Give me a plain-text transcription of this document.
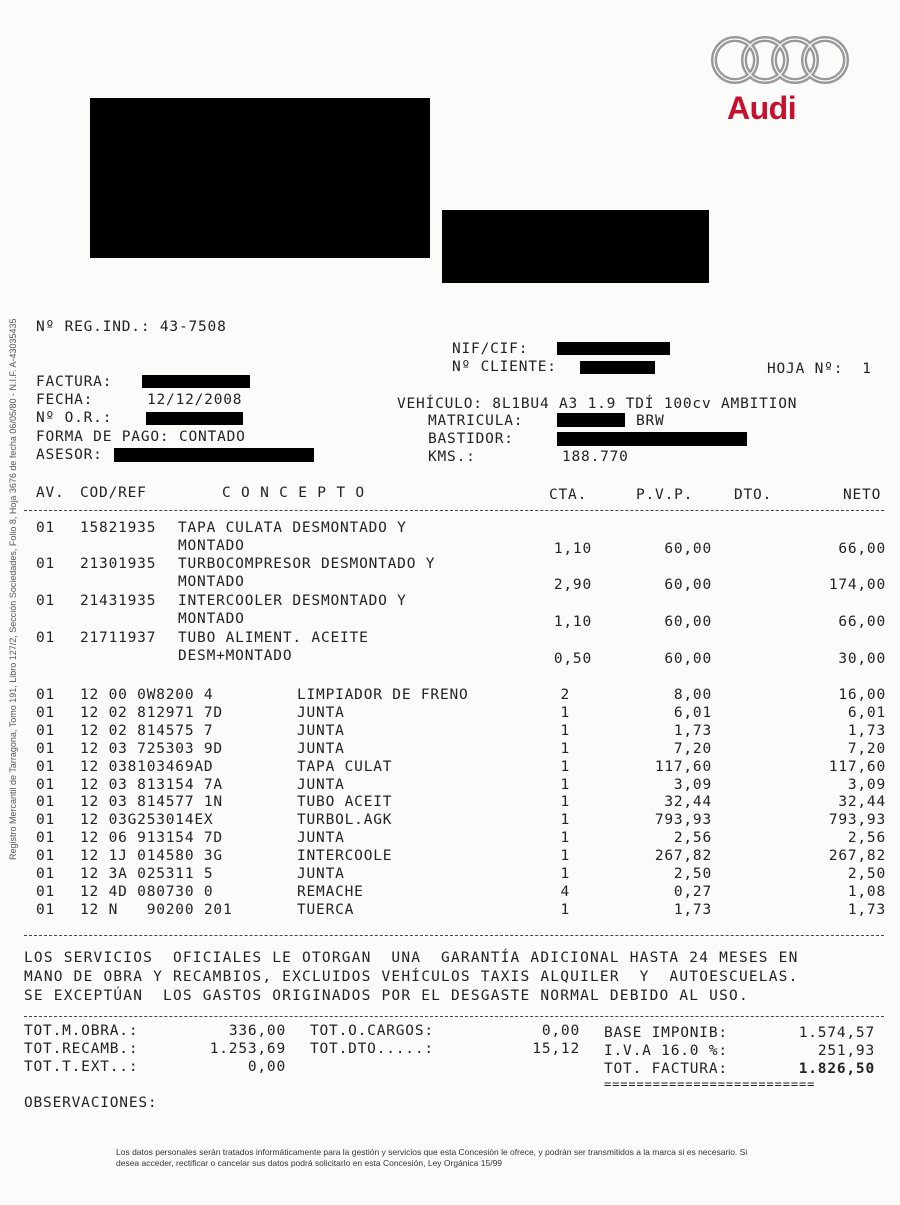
Audi
Registro Mercantil de Tarragona, Tomo 191, Libro 127/2, Sección Sociedades, Folio 8, Hoja 3676 de fecha 06/05/80 - N.I.F. A-43035435 Nº REG.IND.: 43-7508
NIF/CIF:
Nº CLIENTE:	HOJA Nº:  1
FACTURA:
FECHA:	12/12/2008
Nº O.R.:
FORMA DE PAGO: CONTADO
ASESOR:
VEHÍCULO: 8L1BU4 A3 1.9 TDÍ 100cv AMBITION
MATRICULA:	BRW
BASTIDOR:
KMS.:	188.770
AV. COD/REF	C O N C E P T O	CTA.	P.V.P.	DTO.	NETO
01 15821935 TAPA CULATA DESMONTADO Y
MONTADO	1,10	60,00	66,00
01 21301935 TURBOCOMPRESOR DESMONTADO Y
MONTADO	2,90	60,00	174,00
01 21431935 INTERCOOLER DESMONTADO Y
MONTADO	1,10	60,00	66,00
01 21711937 TUBO ALIMENT. ACEITE
DESM+MONTADO	0,50	60,00	30,00
01 12 00 0W8200 4	LIMPIADOR DE FRENO	2	8,00	16,00
01 12 02 812971 7D	JUNTA	1	6,01	6,01
01 12 02 814575 7	JUNTA	1	1,73	1,73
01 12 03 725303 9D	JUNTA	1	7,20	7,20
01 12 038103469AD	TAPA CULAT	1	117,60	117,60
01 12 03 813154 7A	JUNTA	1	3,09	3,09
01 12 03 814577 1N	TUBO ACEIT	1	32,44	32,44
01 12 03G253014EX	TURBOL.AGK	1	793,93	793,93
01 12 06 913154 7D	JUNTA	1	2,56	2,56
01 12 1J 014580 3G	INTERCOOLE	1	267,82	267,82
01 12 3A 025311 5	JUNTA	1	2,50	2,50
01 12 4D 080730 0	REMACHE	4	0,27	1,08
01 12 N   90200 201	TUERCA	1	1,73	1,73
LOS SERVICIOS  OFICIALES LE OTORGAN  UNA  GARANTÍA ADICIONAL HASTA 24 MESES EN
MANO DE OBRA Y RECAMBIOS, EXCLUIDOS VEHÍCULOS TAXIS ALQUILER  Y  AUTOESCUELAS.
SE EXCEPTÚAN  LOS GASTOS ORIGINADOS POR EL DESGASTE NORMAL DEBIDO AL USO.
TOT.M.OBRA.:	336,00
TOT.RECAMB.:	1.253,69
TOT.T.EXT..:	0,00
TOT.O.CARGOS:	0,00
TOT.DTO.....:	15,12
BASE IMPONIB:	1.574,57
I.V.A 16.0 %:	251,93
TOT. FACTURA:	1.826,50
==========================
OBSERVACIONES:
Los datos personales serán tratados informáticamente para la gestión y servicios que esta Concesión le ofrece, y podrán ser transmitidos a la marca si es necesario. Si desea acceder, rectificar o cancelar sus datos podrá solicitarlo en esta Concesión, Ley Orgánica 15/99
